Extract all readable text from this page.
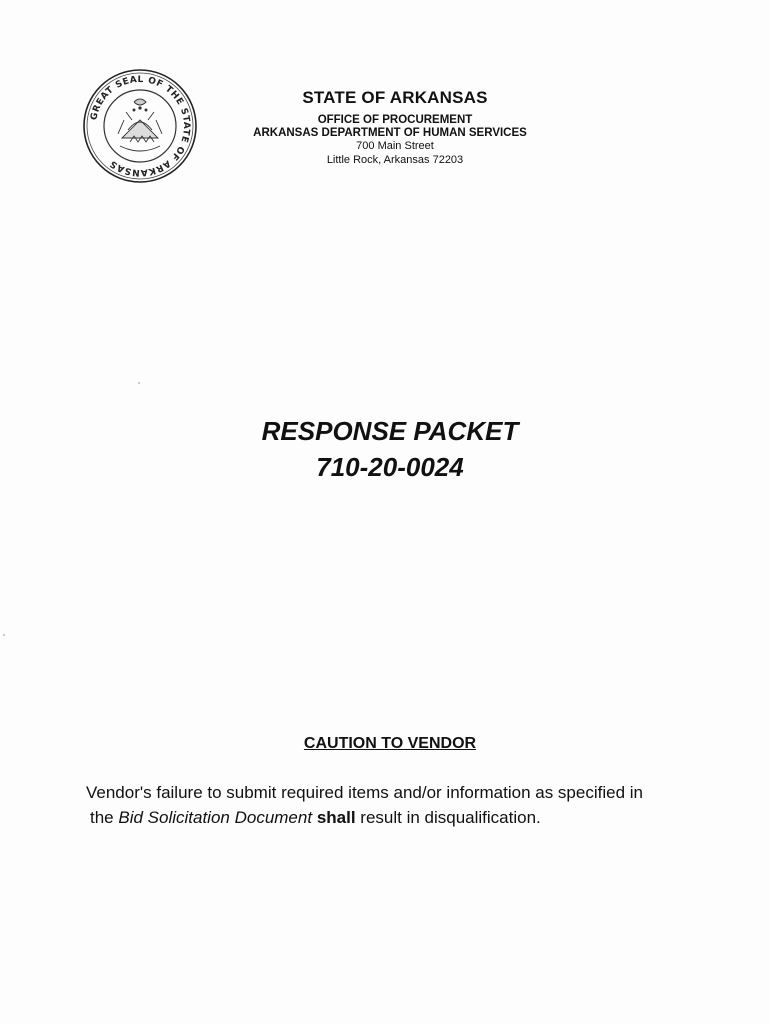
GREAT SEAL OF THE STATE OF ARKANSAS
STATE OF ARKANSAS
OFFICE OF PROCUREMENT
ARKANSAS DEPARTMENT OF HUMAN SERVICES
700 Main Street
Little Rock, Arkansas 72203
RESPONSE PACKET
710-20-0024
CAUTION TO VENDOR
Vendor's failure to submit required items and/or information as specified in
the Bid Solicitation Document shall result in disqualification.
